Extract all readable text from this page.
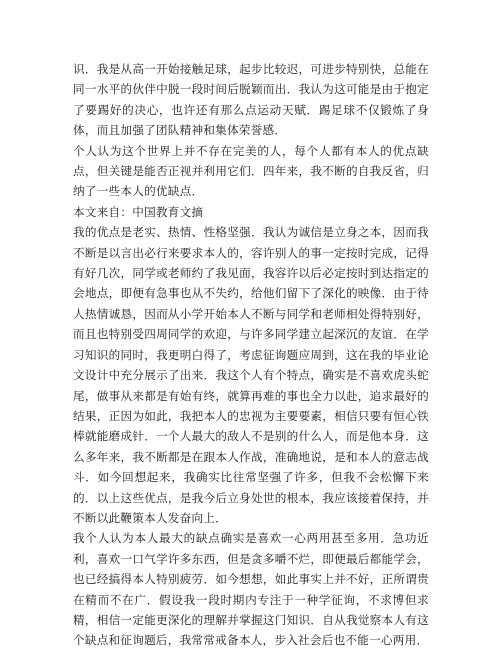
识．我是从高一开始接触足球，起步比较迟，可进步特别快，总能在同一水平的伙伴中脱一段时间后脱颖而出．我认为这可能是由于抱定了要踢好的决心，也许还有那么点运动天赋．踢足球不仅锻炼了身体，而且加强了团队精神和集体荣誉感．

个人认为这个世界上并不存在完美的人，每个人都有本人的优点缺点，但关键是能否正视并利用它们．四年来，我不断的自我反省，归纳了一些本人的优缺点．

本文来自：中国教育文摘

我的优点是老实、热情、性格坚强．我认为诚信是立身之本，因而我不断是以言出必行来要求本人的，容许别人的事一定按时完成，记得有好几次，同学或老师约了我见面，我容许以后必定按时到达指定的会地点，即便有急事也从不失约，给他们留下了深化的映像．由于待人热情诚恳，因而从小学开始本人不断与同学和老师相处得特别好，而且也特别受四周同学的欢迎，与许多同学建立起深沉的友谊．在学习知识的同时，我更明白得了，考虑征询题应周到，这在我的毕业论文设计中充分展示了出来．我这个人有个特点，确实是不喜欢虎头蛇尾，做事从来都是有始有终，就算再难的事也全力以赴，追求最好的结果，正因为如此，我把本人的忠视为主要要素，相信只要有恒心铁棒就能磨成针．一个人最大的敌人不是别的什么人，而是他本身．这么多年来，我不断都是在跟本人作战，准确地说，是和本人的意志战斗．如今回想起来，我确实比往常坚强了许多，但我不会松懈下来的．以上这些优点，是我今后立身处世的根本，我应该接着保持，并不断以此鞭策本人发奋向上．

我个人认为本人最大的缺点确实是喜欢一心两用甚至多用．急功近利，喜欢一口气学许多东西，但是贪多嚼不烂，即便最后都能学会，也已经搞得本人特别疲劳．如今想想，如此事实上并不好，正所谓贵在精而不在广．假设我一段时期内专注于一种学征询，不求博但求精，相信一定能更深化的理解并掌握这门知识．自从我觉察本人有这个缺点和征询题后，我常常戒备本人，步入社会后也不能一心两用．
